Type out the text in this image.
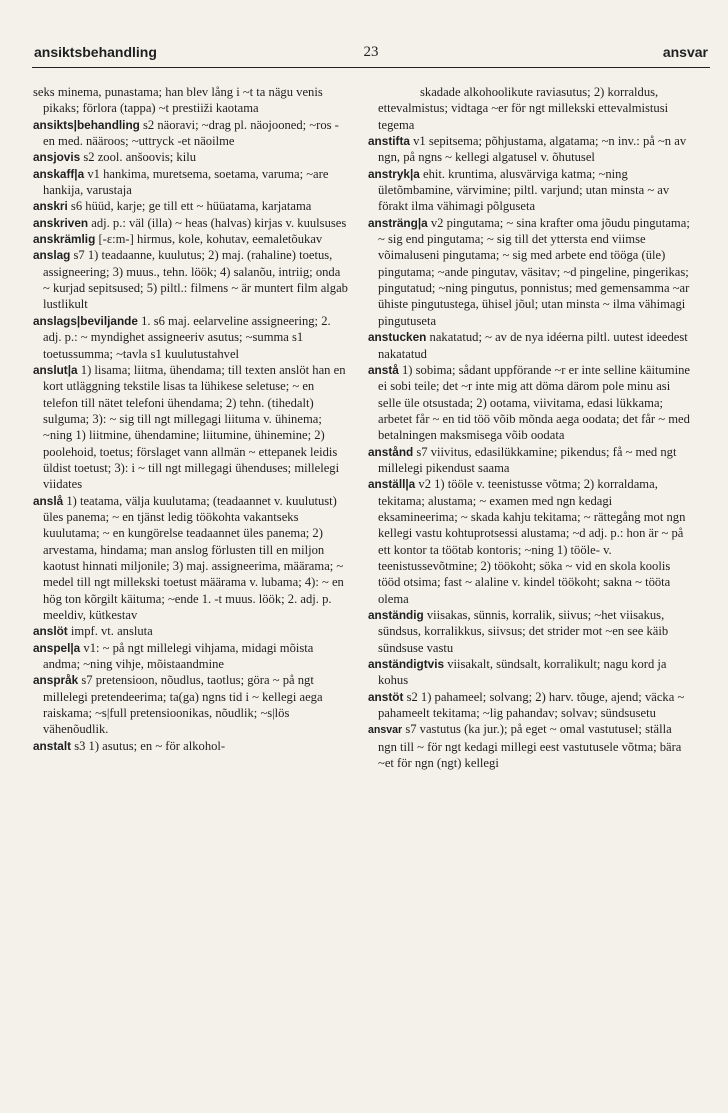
ansiktsbehandling	23	ansvar

seks minema, punastama; han blev lång i ~t ta nägu venis pikaks; förlora (tappa) ~t prestiiži kaotama

ansikts|behandling s2 näoravi; ~drag pl. näojooned; ~ros -en med. nääroos; ~uttryck -et näoilme

ansjovis s2 zool. anšoovis; kilu

anskaff|a v1 hankima, muretsema, soetama, varuma; ~are hankija, varustaja

anskri s6 hüüd, karje; ge till ett ~ hüüatama, karjatama

anskriven adj. p.: väl (illa) ~ heas (halvas) kirjas v. kuulsuses

anskrämlig [-ε:m-] hirmus, kole, kohutav, eemaletõukav

anslag s7 1) teadaanne, kuulutus; 2) maj. (rahaline) toetus, assigneering; 3) muus., tehn. löök; 4) salanõu, intriig; onda ~ kurjad sepitsused; 5) piltl.: filmens ~ är muntert film algab lustlikult

anslags|beviljande 1. s6 maj. eelarveline assigneering; 2. adj. p.: ~ myndighet assigneeriv asutus; ~summa s1 toetussumma; ~tavla s1 kuulutustahvel

anslut|a 1) lisama; liitma, ühendama; till texten anslöt han en kort utläggning tekstile lisas ta lühikese seletuse; ~ en telefon till nätet telefoni ühendama; 2) tehn. (tihedalt) sulguma; 3): ~ sig till ngt millegagi liituma v. ühinema; ~ning 1) liitmine, ühendamine; liitumine, ühinemine; 2) poolehoid, toetus; förslaget vann allmän ~ ettepanek leidis üldist toetust; 3): i ~ till ngt millegagi ühenduses; millelegi viidates

anslå 1) teatama, välja kuulutama; (teadaannet v. kuulutust) üles panema; ~ en tjänst ledig töökohta vakantseks kuulutama; ~ en kungörelse teadaannet üles panema; 2) arvestama, hindama; man anslog förlusten till en miljon kaotust hinnati miljonile; 3) maj. assigneerima, määrama; ~ medel till ngt millekski toetust määrama v. lubama; 4): ~ en hög ton kõrgilt käituma; ~ende 1. -t muus. löök; 2. adj. p. meeldiv, kütkestav

anslöt impf. vt. ansluta

anspel|a v1: ~ på ngt millelegi vihjama, midagi mõista andma; ~ning vihje, mõistaandmine

anspråk s7 pretensioon, nõudlus, taotlus; göra ~ på ngt millelegi pretendeerima; ta(ga) ngns tid i ~ kellegi aega raiskama; ~s|full pretensioonikas, nõudlik; ~s|lös vähenõudlik.

anstalt s3 1) asutus; en ~ för alkohol-

skadade alkohoolikute raviasutus; 2) korraldus, ettevalmistus; vidtaga ~er för ngt millekski ettevalmistusi tegema

anstifta v1 sepitsema; põhjustama, algatama; ~n inv.: på ~n av ngn, på ngns ~ kellegi algatusel v. õhutusel

anstryk|a ehit. kruntima, alusvärviga katma; ~ning ületõmbamine, värvimine; piltl. varjund; utan minsta ~ av förakt ilma vähimagi põlguseta

ansträng|a v2 pingutama; ~ sina krafter oma jõudu pingutama; ~ sig end pingutama; ~ sig till det yttersta end viimse võimaluseni pingutama; ~ sig med arbete end tööga (üle) pingutama; ~ande pingutav, väsitav; ~d pingeline, pingerikas; pingutatud; ~ning pingutus, ponnistus; med gemensamma ~ar ühiste pingutustega, ühisel jõul; utan minsta ~ ilma vähimagi pingutuseta

anstucken nakatatud; ~ av de nya idéerna piltl. uutest ideedest nakatatud

anstå 1) sobima; sådant uppförande ~r er inte selline käitumine ei sobi teile; det ~r inte mig att döma därom pole minu asi selle üle otsustada; 2) ootama, viivitama, edasi lükkama; arbetet får ~ en tid töö võib mõnda aega oodata; det får ~ med betalningen maksmisega võib oodata

anstånd s7 viivitus, edasilükkamine; pikendus; få ~ med ngt millelegi pikendust saama

anställ|a v2 1) tööle v. teenistusse võtma; 2) korraldama, tekitama; alustama; ~ examen med ngn kedagi eksamineerima; ~ skada kahju tekitama; ~ rättegång mot ngn kellegi vastu kohtuprotsessi alustama; ~d adj. p.: hon är ~ på ett kontor ta töötab kontoris; ~ning 1) tööle- v. teenistussevõtmine; 2) töökoht; söka ~ vid en skola koolis tööd otsima; fast ~ alaline v. kindel töökoht; sakna ~ tööta olema

anständig viisakas, sünnis, korralik, siivus; ~het viisakus, sündsus, korralikkus, siivsus; det strider mot ~en see käib sündsuse vastu

anständigtvis viisakalt, sündsalt, korralikult; nagu kord ja kohus

anstöt s2 1) pahameel; solvang; 2) harv. tõuge, ajend; väcka ~ pahameelt tekitama; ~lig pahandav; solvav; sündsusetu

ansvar s7 vastutus (ka jur.); på eget ~ omal vastutusel; ställa ngn till ~ för ngt kedagi millegi eest vastutusele võtma; bära ~et för ngn (ngt) kellegi
